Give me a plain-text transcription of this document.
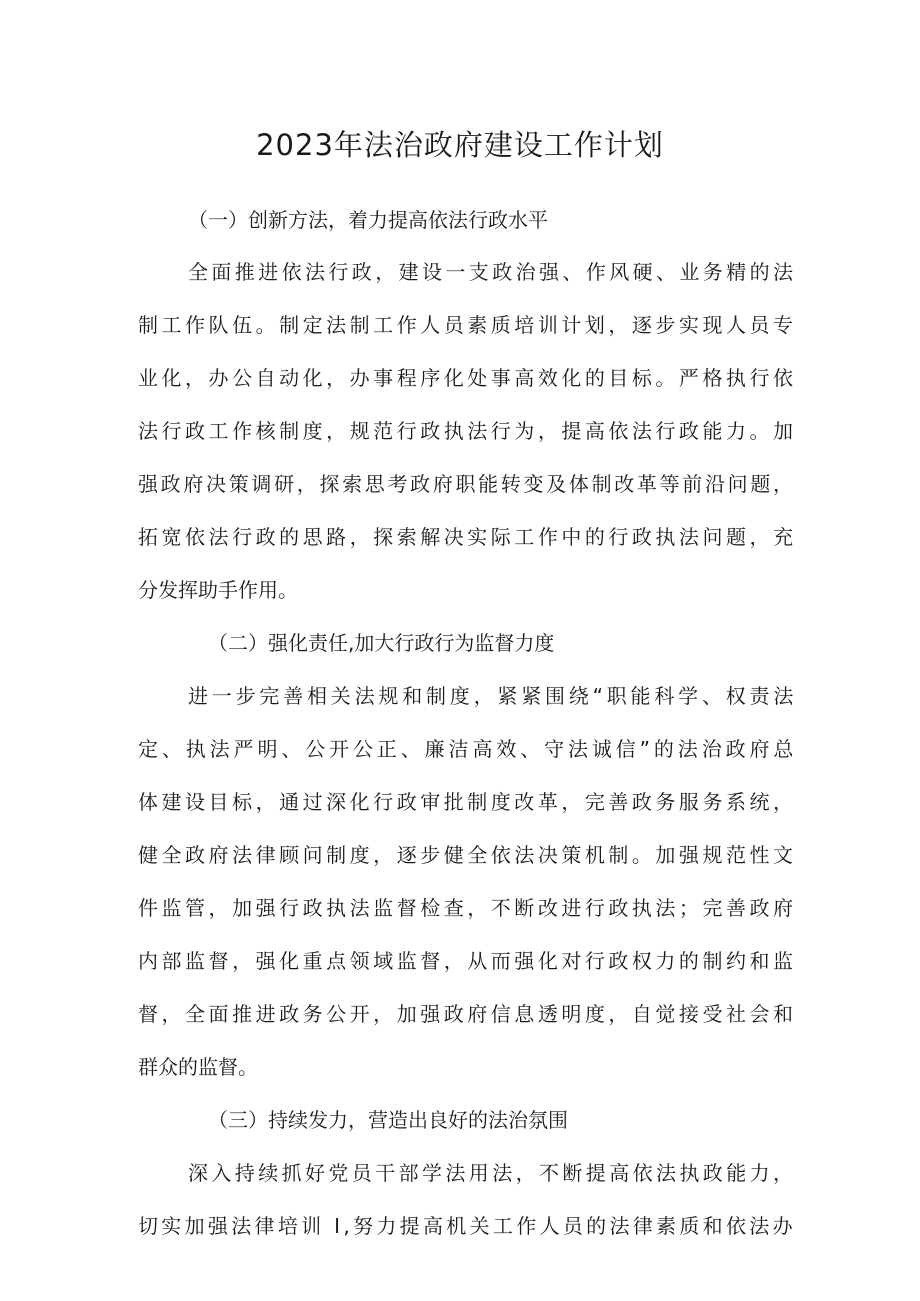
2023年法治政府建设工作计划

（一）创新方法，着力提高依法行政水平

全面推进依法行政，建设一支政治强、作风硬、业务精的法

制工作队伍。制定法制工作人员素质培训计划，逐步实现人员专

业化，办公自动化，办事程序化处事高效化的目标。严格执行依

法行政工作核制度，规范行政执法行为，提高依法行政能力。加

强政府决策调研，探索思考政府职能转变及体制改革等前沿问题，

拓宽依法行政的思路，探索解决实际工作中的行政执法问题，充

分发挥助手作用。

（二）强化责任,加大行政行为监督力度

进一步完善相关法规和制度，紧紧围绕“职能科学、权责法

定、执法严明、公开公正、廉洁高效、守法诚信”的法治政府总

体建设目标，通过深化行政审批制度改革，完善政务服务系统，

健全政府法律顾问制度，逐步健全依法决策机制。加强规范性文

件监管，加强行政执法监督检查，不断改进行政执法；完善政府

内部监督，强化重点领域监督，从而强化对行政权力的制约和监

督，全面推进政务公开，加强政府信息透明度，自觉接受社会和

群众的监督。

（三）持续发力，营造出良好的法治氛围

深入持续抓好党员干部学法用法，不断提高依法执政能力，

切实加强法律培训 I,努力提高机关工作人员的法律素质和依法办
